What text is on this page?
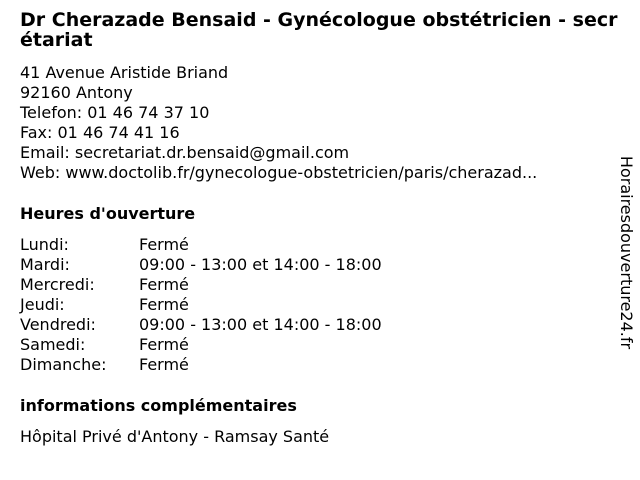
Dr Cherazade Bensaid - Gynécologue obstétricien - secrétariat
41 Avenue Aristide Briand
92160 Antony
Telefon: 01 46 74 37 10
Fax: 01 46 74 41 16
Email: secretariat.dr.bensaid@gmail.com
Web: www.doctolib.fr/gynecologue-obstetricien/paris/cherazad...
Heures d'ouverture
Lundi:	Fermé
Mardi:	09:00 - 13:00 et 14:00 - 18:00
Mercredi:	Fermé
Jeudi:	Fermé
Vendredi:	09:00 - 13:00 et 14:00 - 18:00
Samedi:	Fermé
Dimanche:	Fermé
informations complémentaires
Hôpital Privé d'Antony - Ramsay Santé
Horairesdouverture24.fr
